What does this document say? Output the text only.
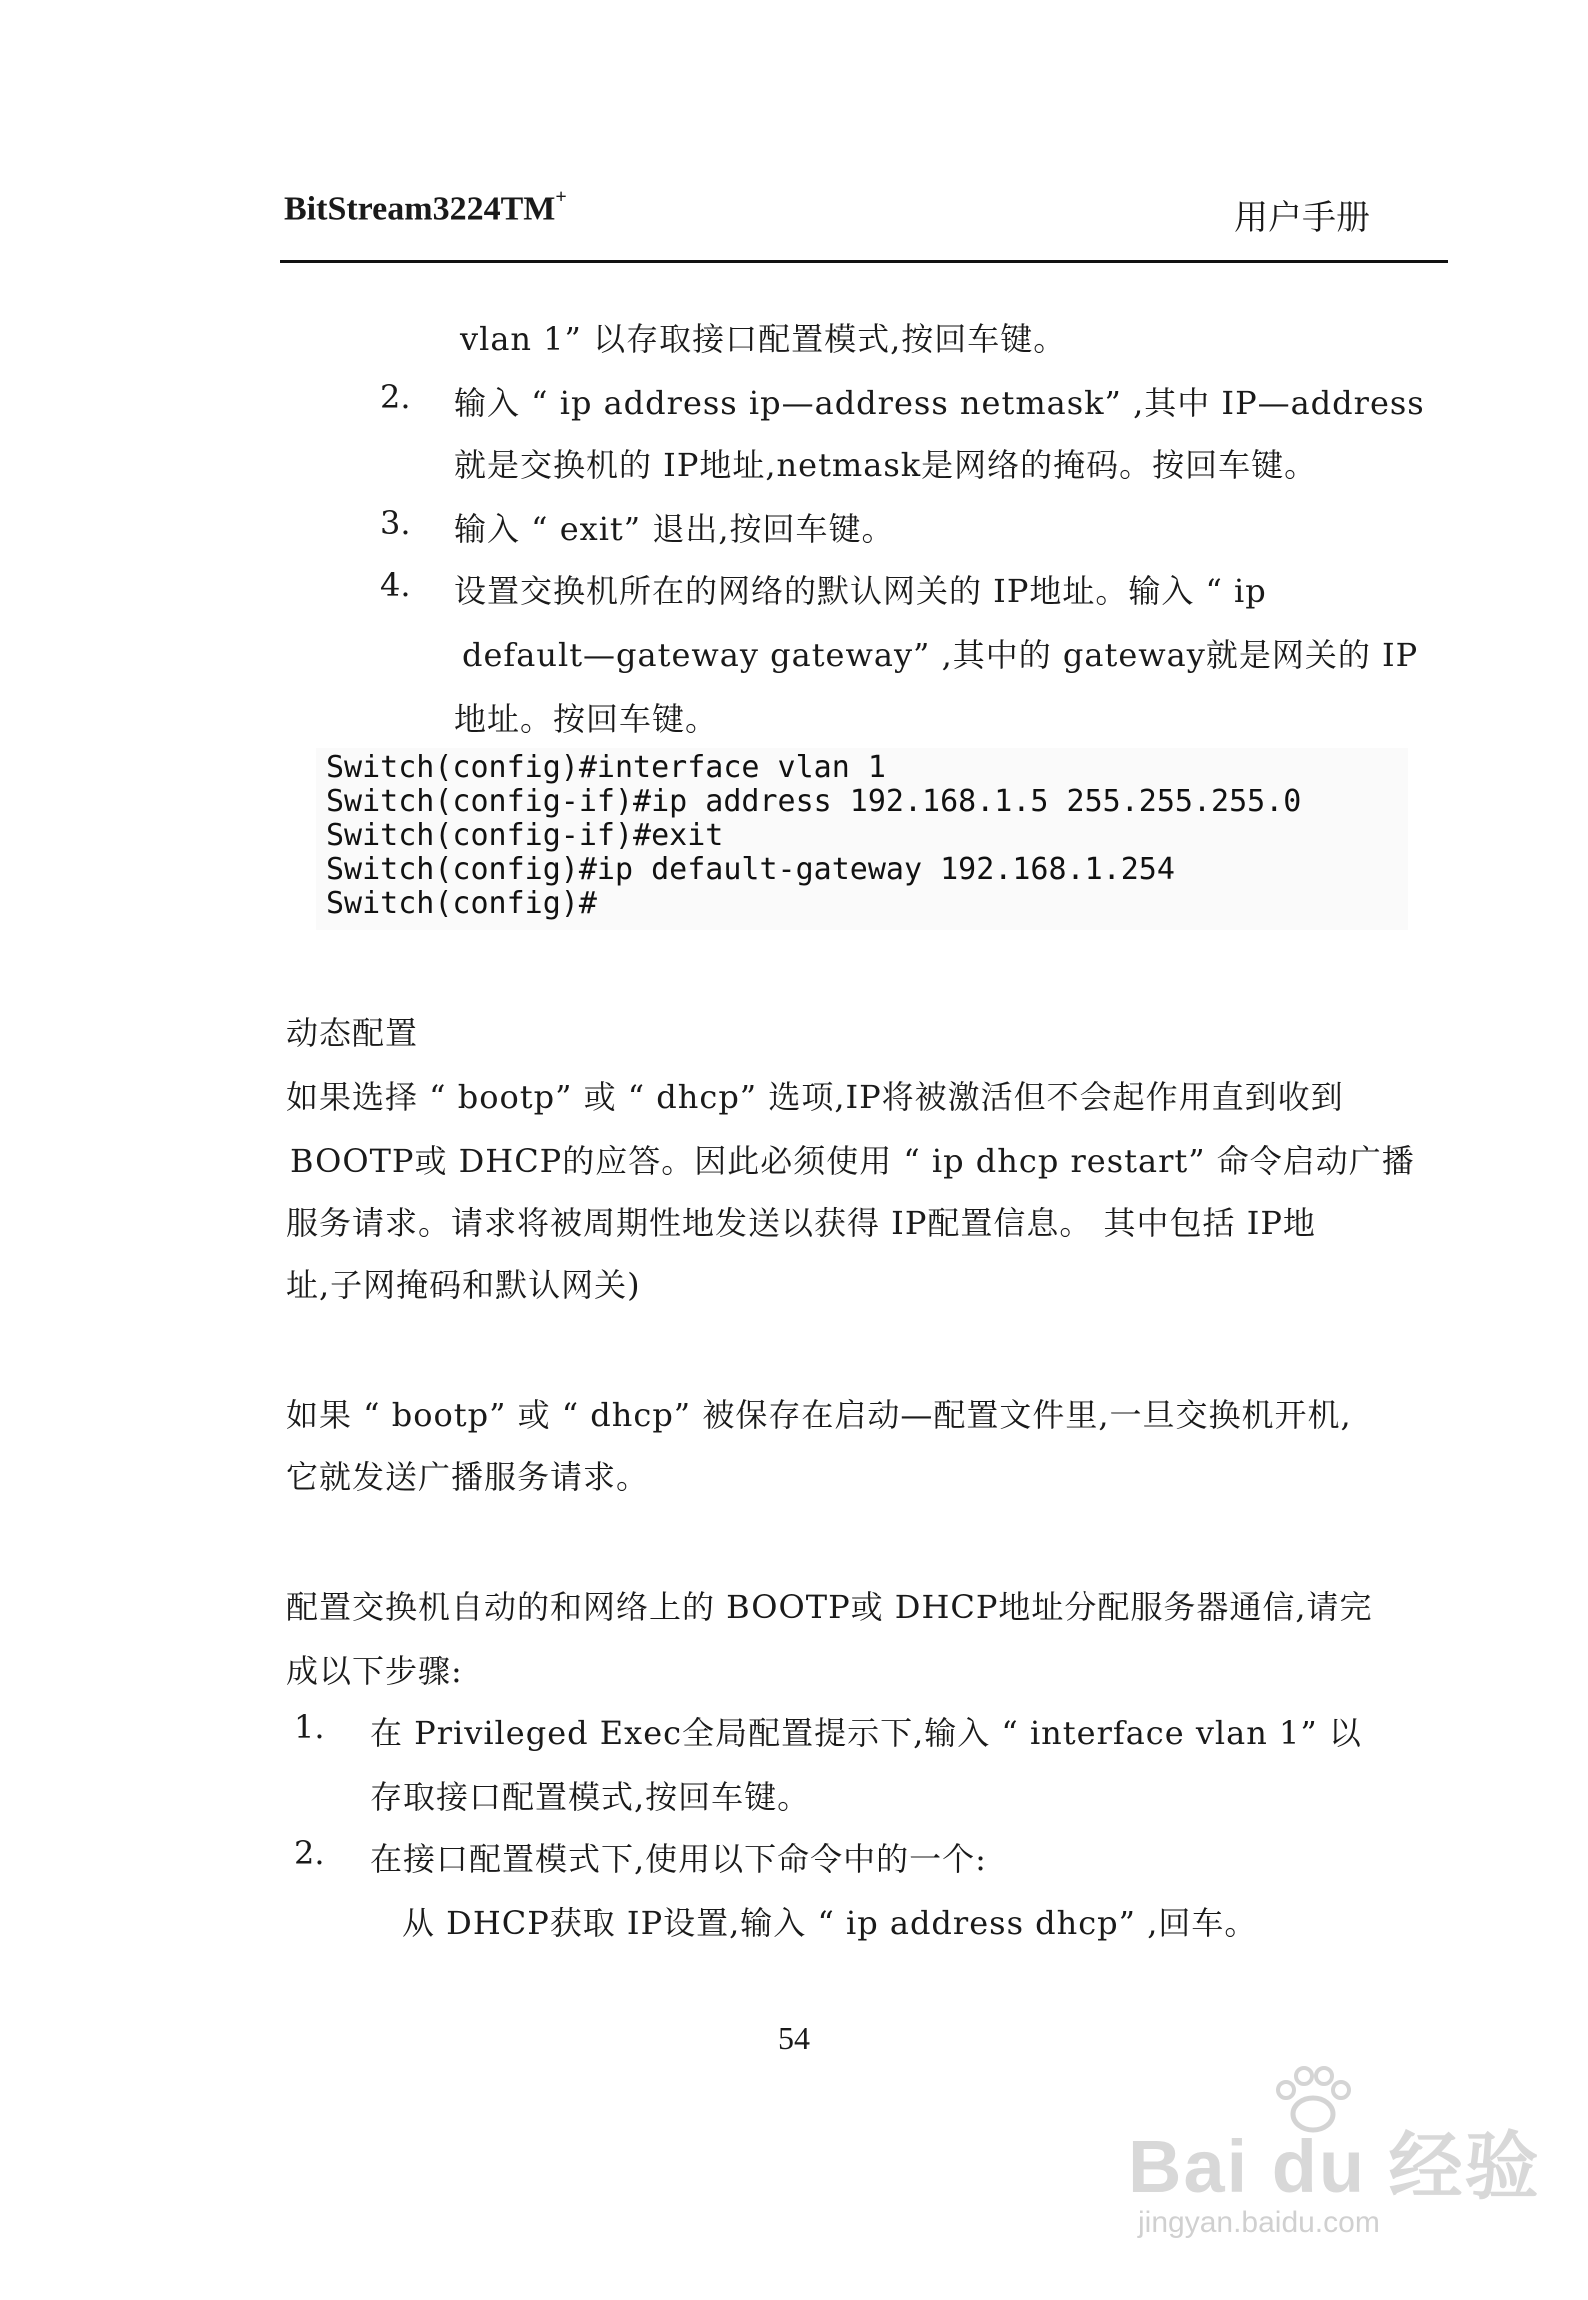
BitStream3224TM+
用户手册
vlan 1” 以存取接口配置模式,按回车键。
2. 输入 “ ip address ip—address netmask” ,其中 IP—address
就是交换机的 IP地址,netmask是网络的掩码。按回车键。
3. 输入 “ exit” 退出,按回车键。
4. 设置交换机所在的网络的默认网关的 IP地址。输入 “ ip
default—gateway gateway” ,其中的 gateway就是网关的 IP
地址。按回车键。
Switch(config)#interface vlan 1
Switch(config-if)#ip address 192.168.1.5 255.255.255.0
Switch(config-if)#exit
Switch(config)#ip default-gateway 192.168.1.254
Switch(config)#
动态配置
如果选择 “ bootp” 或 “ dhcp” 选项,IP将被激活但不会起作用直到收到
BOOTP或 DHCP的应答。因此必须使用 “ ip dhcp restart” 命令启动广播
服务请求。请求将被周期性地发送以获得 IP配置信息。 其中包括 IP地
址,子网掩码和默认网关)
如果 “ bootp” 或 “ dhcp” 被保存在启动—配置文件里,一旦交换机开机,
它就发送广播服务请求。
配置交换机自动的和网络上的 BOOTP或 DHCP地址分配服务器通信,请完
成以下步骤:
1. 在 Privileged Exec全局配置提示下,输入 “ interface vlan 1” 以
存取接口配置模式,按回车键。
2. 在接口配置模式下,使用以下命令中的一个:
从 DHCP获取 IP设置,输入 “ ip address dhcp” ,回车。
54
Bai du 经验
jingyan.baidu.com
